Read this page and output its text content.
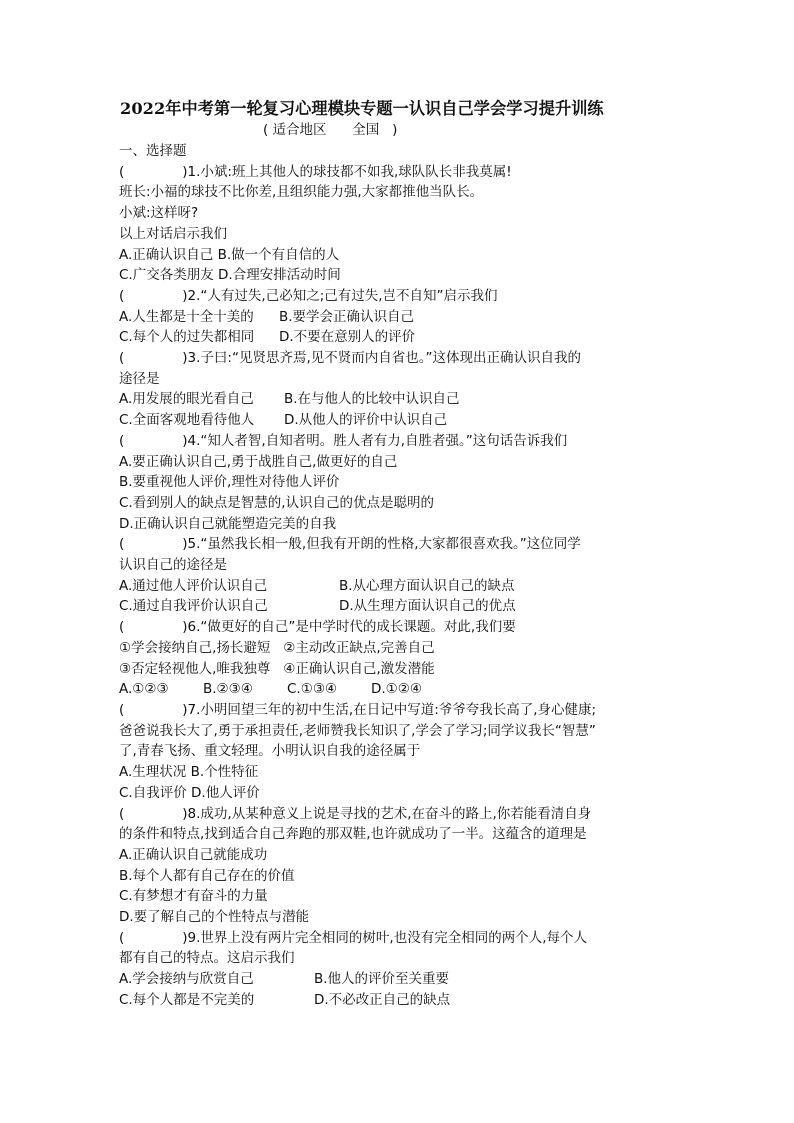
2022年中考第一轮复习心理模块专题一认识自己学会学习提升训练
( 适合地区      全国   )
一、选择题
(	)1.小斌:班上其他人的球技都不如我,球队队长非我莫属!
班长:小福的球技不比你差,且组织能力强,大家都推他当队长。
小斌:这样呀?
以上对话启示我们
A.正确认识自己 B.做一个有自信的人
C.广交各类朋友 D.合理安排活动时间
(	)2.“人有过失,己必知之;己有过失,岂不自知”启示我们
A.人生都是十全十美的 B.要学会正确认识自己
C.每个人的过失都相同 D.不要在意别人的评价
(	)3.子曰:“见贤思齐焉,见不贤而内自省也。”这体现出正确认识自我的
途径是
A.用发展的眼光看自己 B.在与他人的比较中认识自己
C.全面客观地看待他人 D.从他人的评价中认识自己
(	)4.“知人者智,自知者明。胜人者有力,自胜者强。”这句话告诉我们
A.要正确认识自己,勇于战胜自己,做更好的自己
B.要重视他人评价,理性对待他人评价
C.看到别人的缺点是智慧的,认识自己的优点是聪明的
D.正确认识自己就能塑造完美的自我
(	)5.“虽然我长相一般,但我有开朗的性格,大家都很喜欢我。”这位同学
认识自己的途径是
A.通过他人评价认识自己	B.从心理方面认识自己的缺点
C.通过自我评价认识自己	D.从生理方面认识自己的优点
(	)6.“做更好的自己”是中学时代的成长课题。对此,我们要
①学会接纳自己,扬长避短   ②主动改正缺点,完善自己
③否定轻视他人,唯我独尊   ④正确认识自己,激发潜能
A.①②③	B.②③④	C.①③④	D.①②④
(	)7.小明回望三年的初中生活,在日记中写道:爷爷夸我长高了,身心健康;
爸爸说我长大了,勇于承担责任,老师赞我长知识了,学会了学习;同学议我长“智慧”
了,青春飞扬、重文轻理。小明认识自我的途径属于
A.生理状况 B.个性特征
C.自我评价 D.他人评价
(	)8.成功,从某种意义上说是寻找的艺术,在奋斗的路上,你若能看清自身
的条件和特点,找到适合自己奔跑的那双鞋,也许就成功了一半。这蕴含的道理是
A.正确认识自己就能成功
B.每个人都有自己存在的价值
C.有梦想才有奋斗的力量
D.要了解自己的个性特点与潜能
(	)9.世界上没有两片完全相同的树叶,也没有完全相同的两个人,每个人
都有自己的特点。这启示我们
A.学会接纳与欣赏自己	B.他人的评价至关重要
C.每个人都是不完美的	D.不必改正自己的缺点
